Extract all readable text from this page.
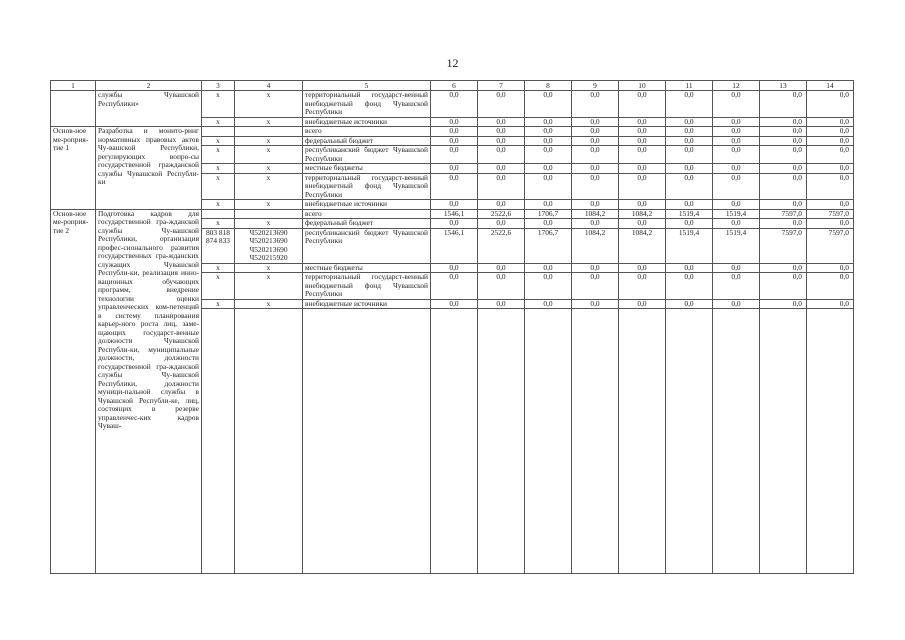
12
1	2	3	4	5	6	7	8	9	10	11	12	13	14
	службы Чувашской Республики»	x	x	территориальный государст-венный внебюджетный фонд Чувашской Республики	0,0	0,0	0,0	0,0	0,0	0,0	0,0	0,0	0,0
		x	x	внебюджетные источники	0,0	0,0	0,0	0,0	0,0	0,0	0,0	0,0	0,0
Основ-ное ме-роприя-тие 1	Разработка и монито-ринг нормативных правовых актов Чу-вашской Республики, регулирующих вопро-сы государственной гражданской службы Чувашской Республи-ки			всего	0,0	0,0	0,0	0,0	0,0	0,0	0,0	0,0	0,0
		x	x	федеральный бюджет	0,0	0,0	0,0	0,0	0,0	0,0	0,0	0,0	0,0
		x	x	республиканский бюджет Чувашской Республики	0,0	0,0	0,0	0,0	0,0	0,0	0,0	0,0	0,0
		x	x	местные бюджеты	0,0	0,0	0,0	0,0	0,0	0,0	0,0	0,0	0,0
		x	x	территориальный государст-венный внебюджетный фонд Чувашской Республики	0,0	0,0	0,0	0,0	0,0	0,0	0,0	0,0	0,0
		x	x	внебюджетные источники	0,0	0,0	0,0	0,0	0,0	0,0	0,0	0,0	0,0
Основ-ное ме-роприя-тие 2	Подготовка кадров для государственной гра-жданской службы Чу-вашской Республики, организация профес-сионального развития государственных гра-жданских служащих Чувашской Республи-ки, реализация инно-вационных обучающих программ, внедрение технологии оценки управленческих ком-петенций в систему планирования карьер-ного роста лиц, заме-щающих государст-венные должности Чувашской Республи-ки, муниципальные должности, должности государственной гра-жданской службы Чу-вашской Республики, должности муници-пальной службы в Чувашской Республи-ке, лиц, состоящих в резерве управленчес-ких кадров Чуваш-			всего	1546,1	2522,6	1706,7	1084,2	1084,2	1519,4	1519,4	7597,0	7597,0
		x	x	федеральный бюджет	0,0	0,0	0,0	0,0	0,0	0,0	0,0	0,0	0,0
		803 818 874 833	Ч520213690 Ч520213690 Ч520213690 Ч520215920	республиканский бюджет Чувашской Республики	1546,1	2522,6	1706,7	1084,2	1084,2	1519,4	1519,4	7597,0	7597,0
		x	x	местные бюджеты	0,0	0,0	0,0	0,0	0,0	0,0	0,0	0,0	0,0
		x	x	территориальный государст-венный внебюджетный фонд Чувашской Республики	0,0	0,0	0,0	0,0	0,0	0,0	0,0	0,0	0,0
		x	x	внебюджетные источники	0,0	0,0	0,0	0,0	0,0	0,0	0,0	0,0	0,0
